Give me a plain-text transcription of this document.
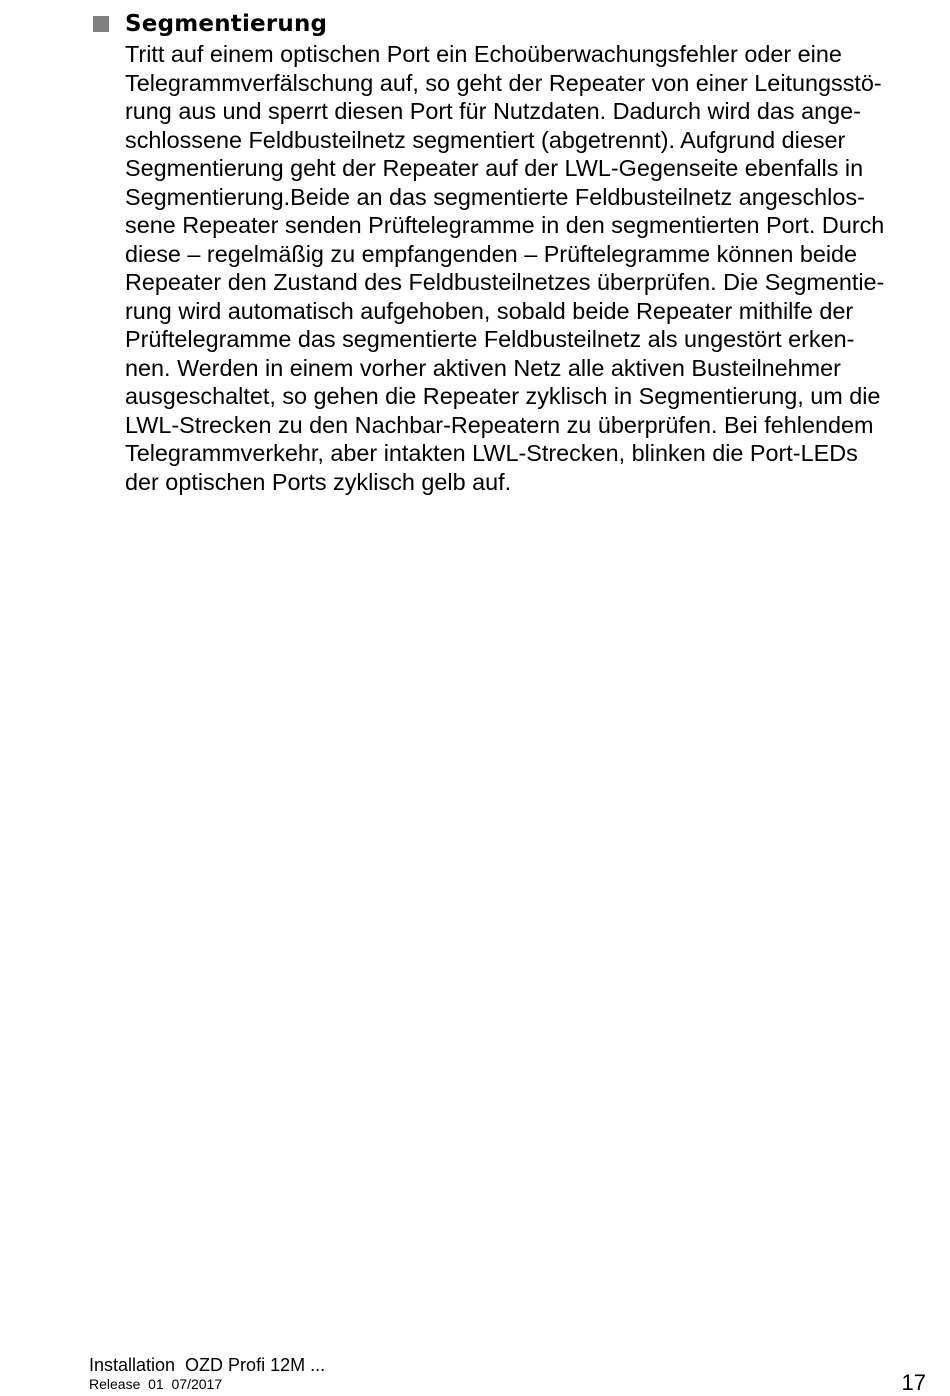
Segmentierung

Tritt auf einem optischen Port ein Echoüberwachungsfehler oder eine
Telegrammverfälschung auf, so geht der Repeater von einer Leitungsstö-
rung aus und sperrt diesen Port für Nutzdaten. Dadurch wird das ange-
schlossene Feldbusteilnetz segmentiert (abgetrennt). Aufgrund dieser
Segmentierung geht der Repeater auf der LWL-Gegenseite ebenfalls in
Segmentierung.Beide an das segmentierte Feldbusteilnetz angeschlos-
sene Repeater senden Prüftelegramme in den segmentierten Port. Durch
diese – regelmäßig zu empfangenden – Prüftelegramme können beide
Repeater den Zustand des Feldbusteilnetzes überprüfen. Die Segmentie-
rung wird automatisch aufgehoben, sobald beide Repeater mithilfe der
Prüftelegramme das segmentierte Feldbusteilnetz als ungestört erken-
nen. Werden in einem vorher aktiven Netz alle aktiven Busteilnehmer
ausgeschaltet, so gehen die Repeater zyklisch in Segmentierung, um die
LWL-Strecken zu den Nachbar-Repeatern zu überprüfen. Bei fehlendem
Telegrammverkehr, aber intakten LWL-Strecken, blinken die Port-LEDs
der optischen Ports zyklisch gelb auf.

Installation  OZD Profi 12M ...
Release  01  07/2017	17
